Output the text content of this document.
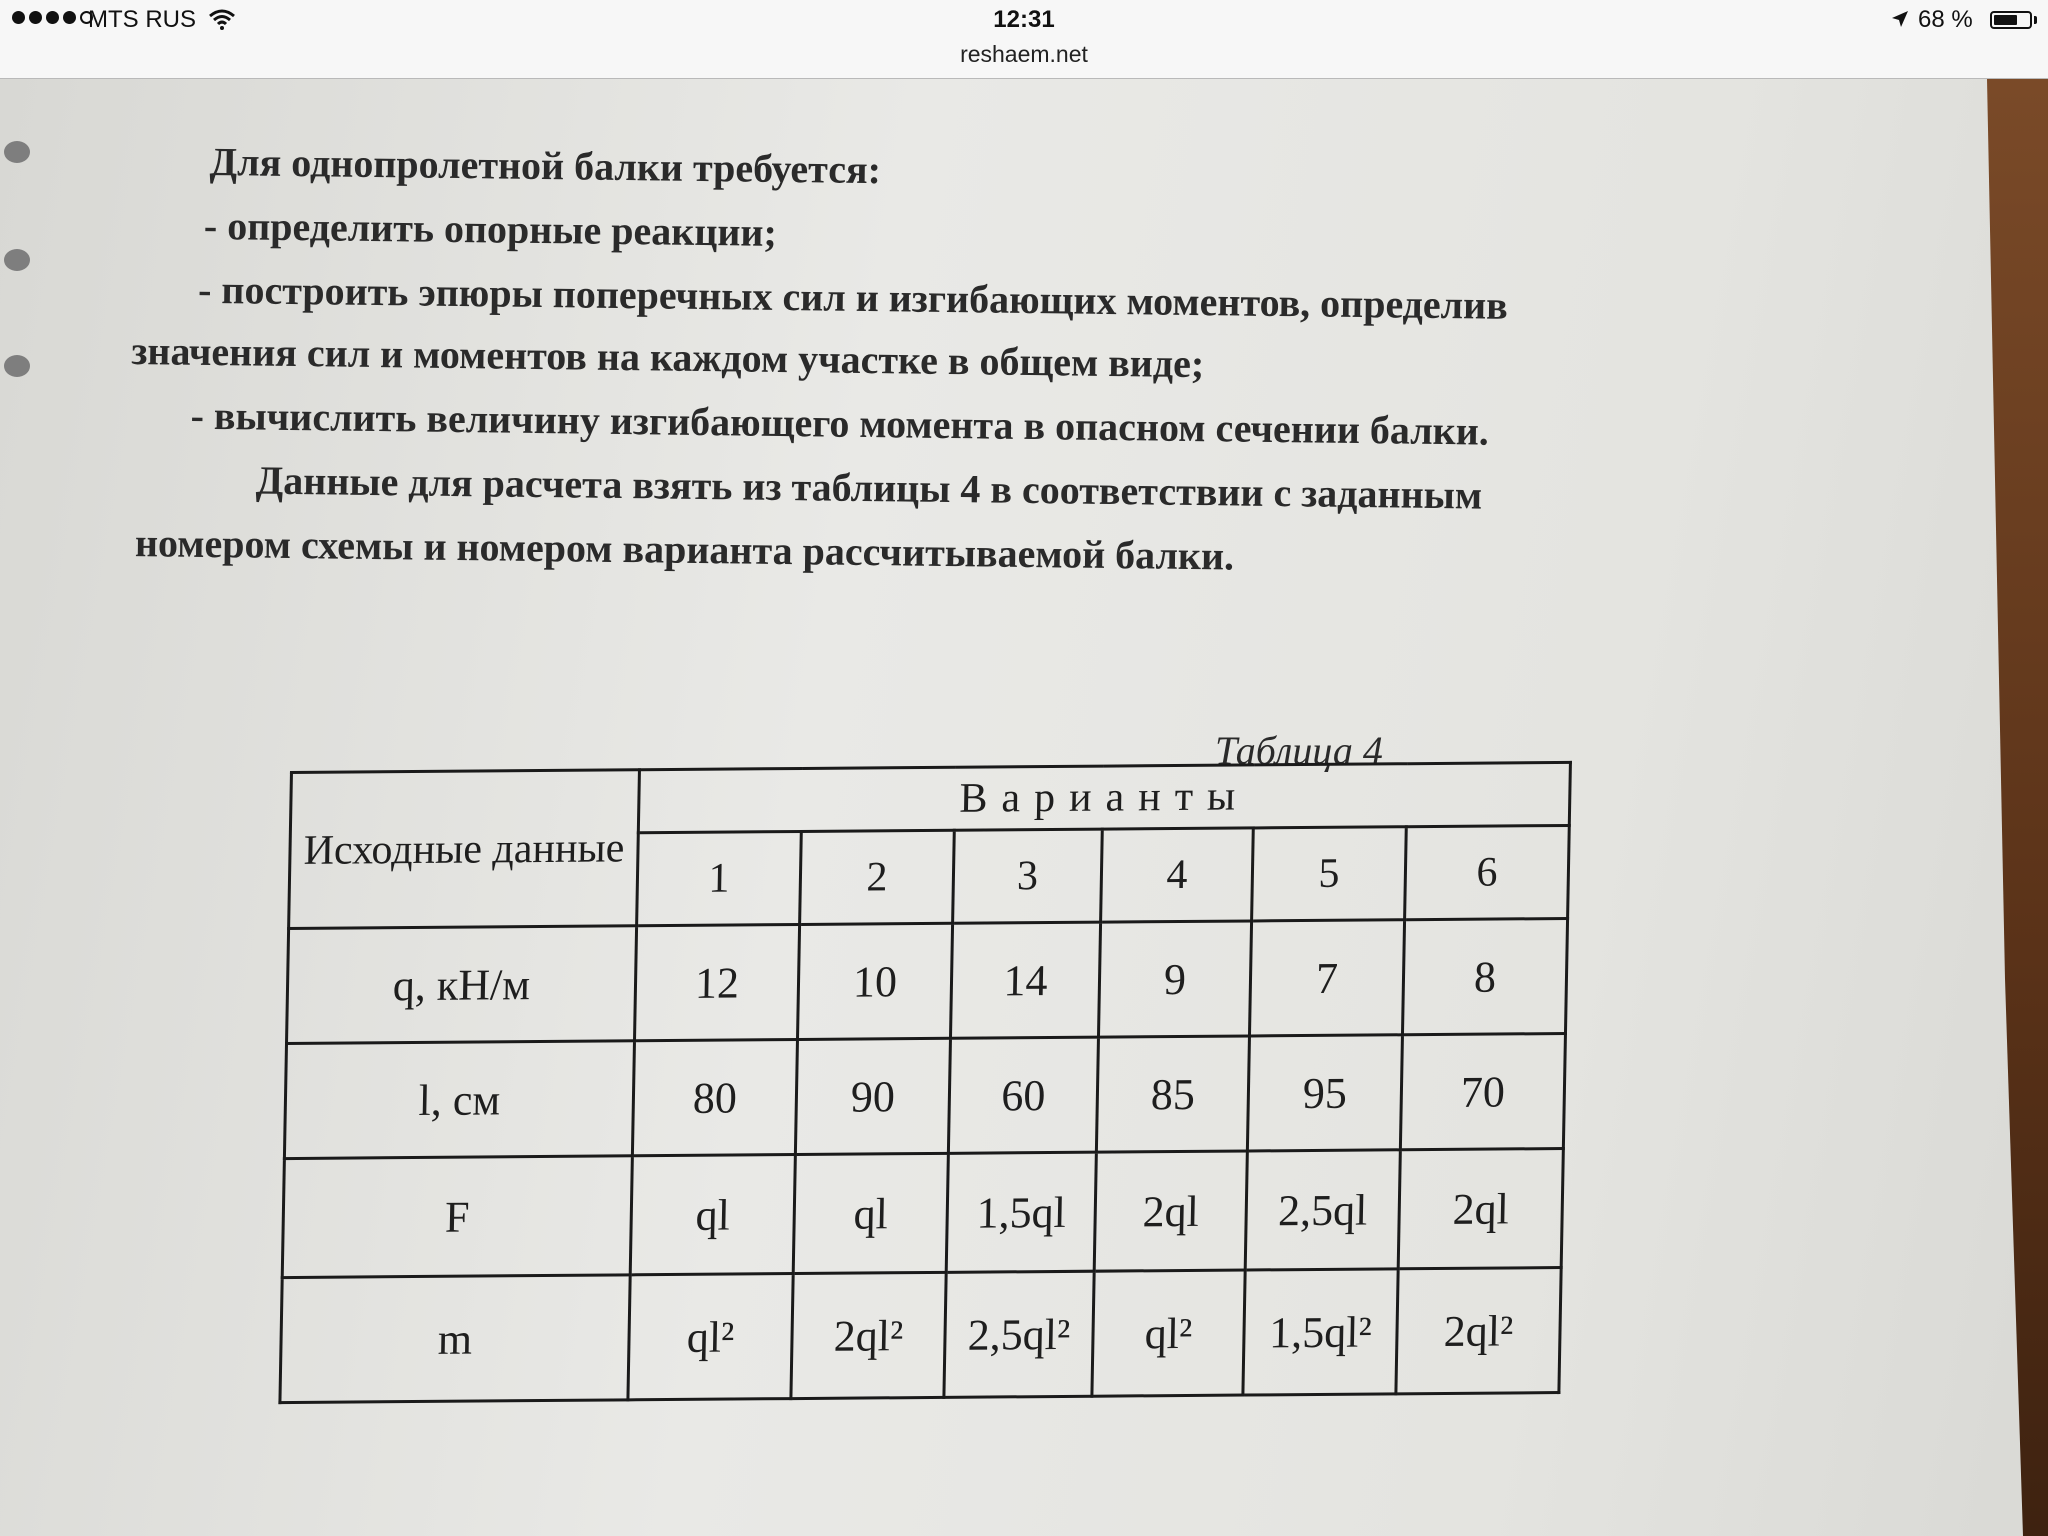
MTS RUS	12:31	68 %
reshaem.net
Для однопролетной балки требуется:
- определить опорные реакции;
- построить эпюры поперечных сил и изгибающих моментов, определив
значения сил и моментов на каждом участке в общем виде;
- вычислить величину изгибающего момента в опасном сечении балки.
Данные для расчета взять из таблицы 4 в соответствии с заданным
номером схемы и номером варианта рассчитываемой балки.
Таблица 4
Исходные данные	Варианты					
	1	2	3	4	5	6
q, кН/м	12	10	14	9	7	8
l, см	80	90	60	85	95	70
F	ql	ql	1,5ql	2ql	2,5ql	2ql
m	ql²	2ql²	2,5ql²	ql²	1,5ql²	2ql²
